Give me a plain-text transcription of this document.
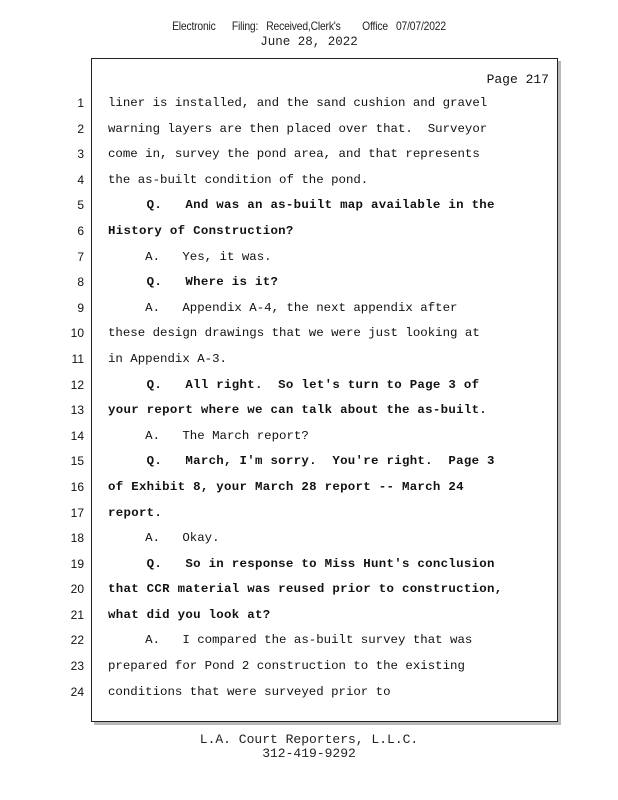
Electronic      Filing:   Received,Clerk's        Office   07/07/2022
June 28, 2022
Page 217
1
2
3
4
5
6
7
8
9
10
11
12
13
14
15
16
17
18
19
20
21
22
23
24
liner is installed, and the sand cushion and gravel
warning layers are then placed over that.  Surveyor
come in, survey the pond area, and that represents
the as-built condition of the pond.
Q.   And was an as-built map available in the
History of Construction?
A.   Yes, it was.
Q.   Where is it?
A.   Appendix A-4, the next appendix after
these design drawings that we were just looking at
in Appendix A-3.
Q.   All right.  So let's turn to Page 3 of
your report where we can talk about the as-built.
A.   The March report?
Q.   March, I'm sorry.  You're right.  Page 3
of Exhibit 8, your March 28 report -- March 24
report.
A.   Okay.
Q.   So in response to Miss Hunt's conclusion
that CCR material was reused prior to construction,
what did you look at?
A.   I compared the as-built survey that was
prepared for Pond 2 construction to the existing
conditions that were surveyed prior to
L.A. Court Reporters, L.L.C.
312-419-9292
